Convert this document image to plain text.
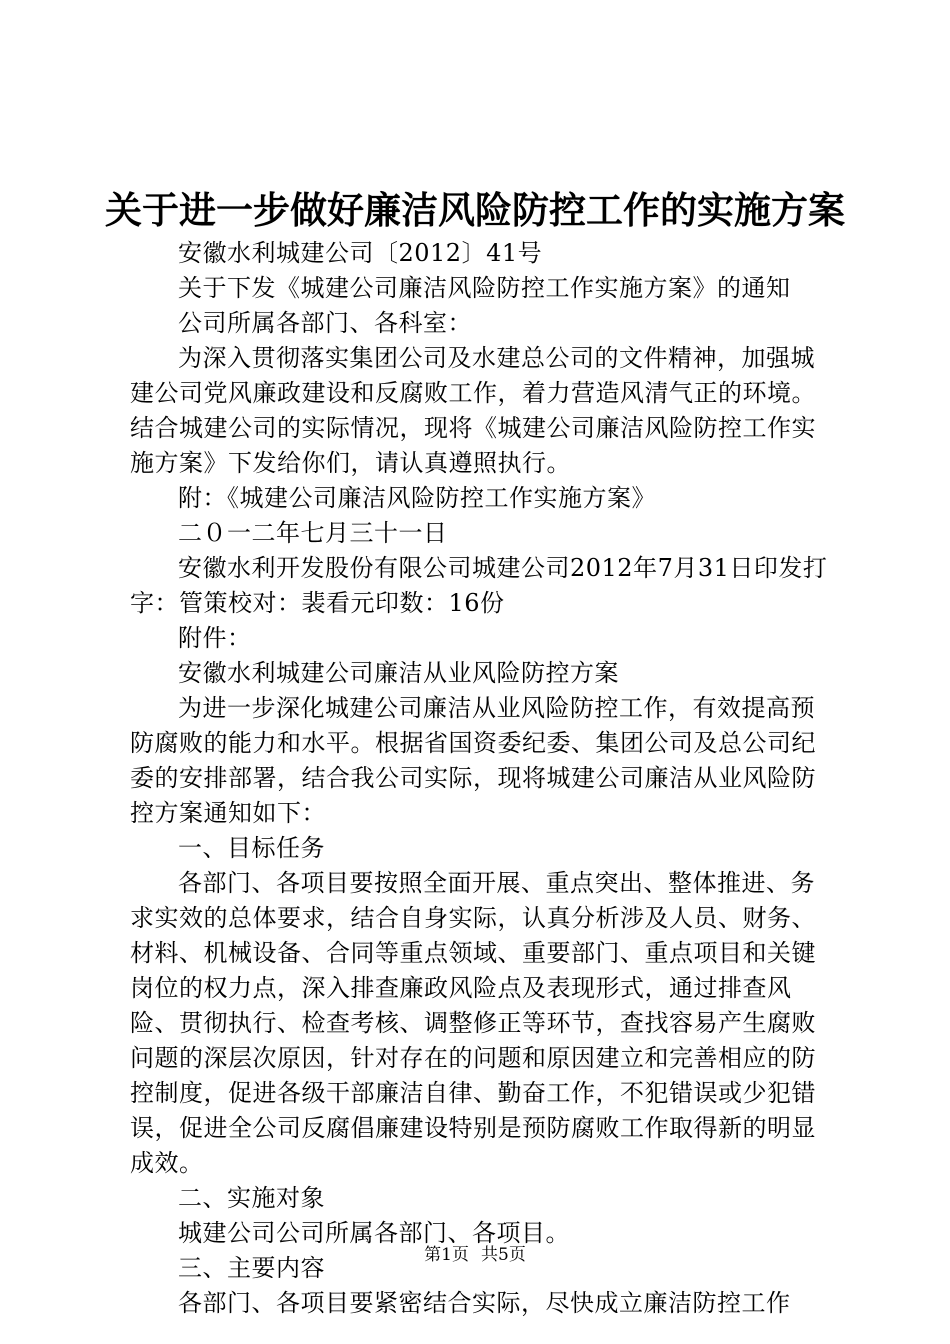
关于进一步做好廉洁风险防控工作的实施方案

安徽水利城建公司〔2012〕41号

关于下发《城建公司廉洁风险防控工作实施方案》的通知

公司所属各部门、各科室：

为深入贯彻落实集团公司及水建总公司的文件精神，加强城建公司党风廉政建设和反腐败工作，着力营造风清气正的环境。结合城建公司的实际情况，现将《城建公司廉洁风险防控工作实施方案》下发给你们，请认真遵照执行。

附：《城建公司廉洁风险防控工作实施方案》

二０一二年七月三十一日

安徽水利开发股份有限公司城建公司2012年7月31日印发打字：管策校对：裴看元印数：16份

附件：

安徽水利城建公司廉洁从业风险防控方案

为进一步深化城建公司廉洁从业风险防控工作，有效提高预防腐败的能力和水平。根据省国资委纪委、集团公司及总公司纪委的安排部署，结合我公司实际，现将城建公司廉洁从业风险防控方案通知如下：

一、目标任务

各部门、各项目要按照全面开展、重点突出、整体推进、务求实效的总体要求，结合自身实际，认真分析涉及人员、财务、材料、机械设备、合同等重点领域、重要部门、重点项目和关键岗位的权力点，深入排查廉政风险点及表现形式，通过排查风险、贯彻执行、检查考核、调整修正等环节，查找容易产生腐败问题的深层次原因，针对存在的问题和原因建立和完善相应的防控制度，促进各级干部廉洁自律、勤奋工作，不犯错误或少犯错误，促进全公司反腐倡廉建设特别是预防腐败工作取得新的明显成效。

二、实施对象

城建公司公司所属各部门、各项目。

三、主要内容

各部门、各项目要紧密结合实际，尽快成立廉洁防控工作

第1页 共5页
